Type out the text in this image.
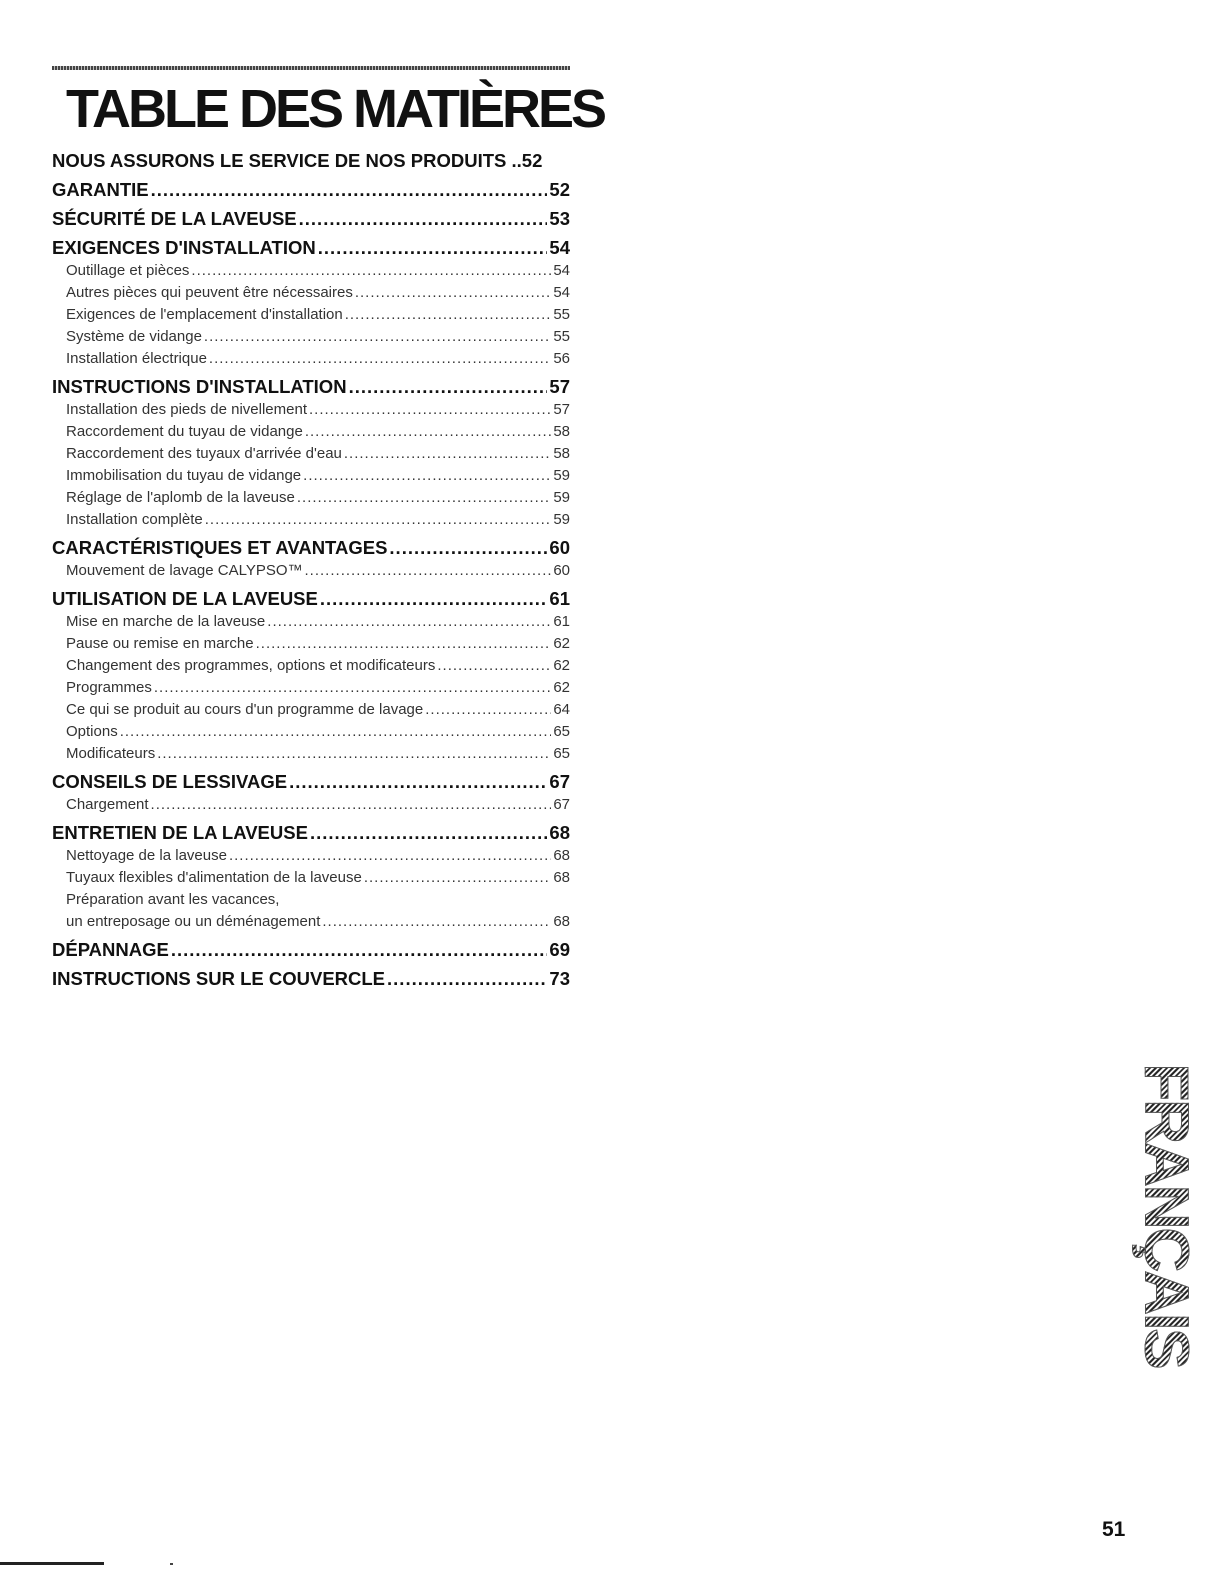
TABLE DES MATIÈRES
NOUS ASSURONS LE SERVICE DE NOS PRODUITS .. 52
GARANTIE .....	52
SÉCURITÉ DE LA LAVEUSE .....	53
EXIGENCES D'INSTALLATION .....	54
Outillage et pièces .....	54
Autres pièces qui peuvent être nécessaires .....	54
Exigences de l'emplacement d'installation .....	55
Système de vidange .....	55
Installation électrique .....	56
INSTRUCTIONS D'INSTALLATION .....	57
Installation des pieds de nivellement .....	57
Raccordement du tuyau de vidange .....	58
Raccordement des tuyaux d'arrivée d'eau .....	58
Immobilisation du tuyau de vidange .....	59
Réglage de l'aplomb de la laveuse .....	59
Installation complète .....	59
CARACTÉRISTIQUES ET AVANTAGES .....	60
Mouvement de lavage CALYPSO™ .....	60
UTILISATION DE LA LAVEUSE .....	61
Mise en marche de la laveuse .....	61
Pause ou remise en marche .....	62
Changement des programmes, options et modificateurs .....	62
Programmes .....	62
Ce qui se produit au cours d'un programme de lavage .....	64
Options .....	65
Modificateurs .....	65
CONSEILS DE LESSIVAGE .....	67
Chargement .....	67
ENTRETIEN DE LA LAVEUSE .....	68
Nettoyage de la laveuse .....	68
Tuyaux flexibles d'alimentation de la laveuse .....	68
Préparation avant les vacances,
un entreposage ou un déménagement .....	68
DÉPANNAGE .....	69
INSTRUCTIONS SUR LE COUVERCLE .....	73
FRANÇAIS
51
